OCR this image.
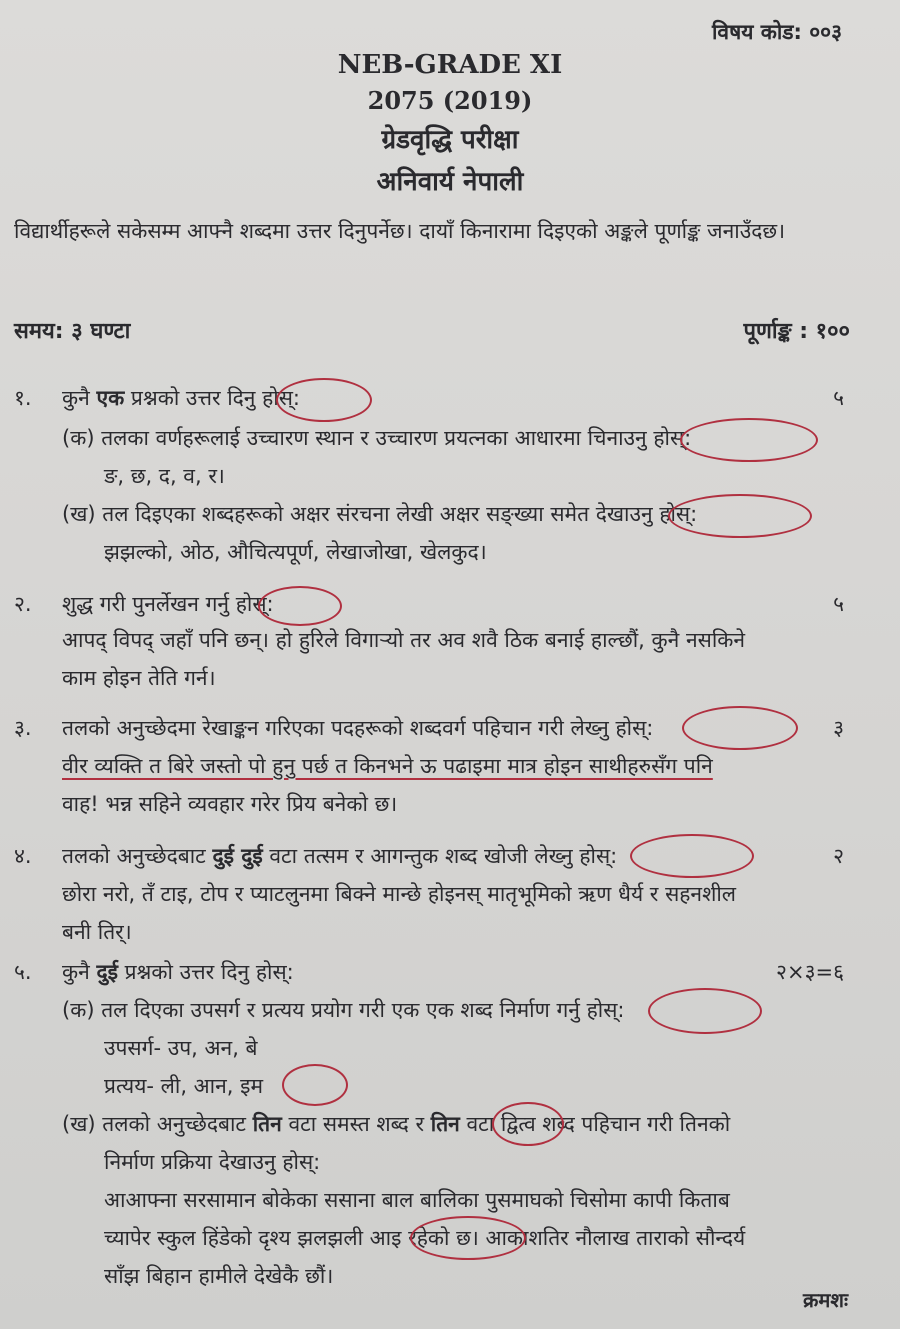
विषय कोड: ००३
NEB-GRADE XI
2075 (2019)
ग्रेडवृद्धि परीक्षा
अनिवार्य नेपाली
विद्यार्थीहरूले सकेसम्म आफ्नै शब्दमा उत्तर दिनुपर्नेछ। दायाँ किनारामा दिइएको अङ्कले पूर्णाङ्क जनाउँदछ।
समय: ३ घण्टा	पूर्णाङ्क : १००
१. कुनै एक प्रश्नको उत्तर दिनु होस्:	५
(क) तलका वर्णहरूलाई उच्चारण स्थान र उच्चारण प्रयत्नका आधारमा चिनाउनु होस्:
ङ, छ, द, व, र।
(ख) तल दिइएका शब्दहरूको अक्षर संरचना लेखी अक्षर सङ्ख्या समेत देखाउनु होस्:
झझल्को, ओठ, औचित्यपूर्ण, लेखाजोखा, खेलकुद।
२. शुद्ध गरी पुनर्लेखन गर्नु होस्:	५
आपद् विपद् जहाँ पनि छन्। हो हुरिले विगाऱ्यो तर अव शवै ठिक बनाई हाल्छौं, कुनै नसकिने
काम होइन तेति गर्न।
३. तलको अनुच्छेदमा रेखाङ्कन गरिएका पदहरूको शब्दवर्ग पहिचान गरी लेख्नु होस्:	३
वीर व्यक्ति त बिरे जस्तो पो हुनु पर्छ त किनभने ऊ पढाइमा मात्र होइन साथीहरुसँग पनि
वाह! भन्न सहिने व्यवहार गरेर प्रिय बनेको छ।
४. तलको अनुच्छेदबाट दुई दुई वटा तत्सम र आगन्तुक शब्द खोजी लेख्नु होस्:	२
छोरा नरो, तँ टाइ, टोप र प्याटलुनमा बिक्ने मान्छे होइनस् मातृभूमिको ऋण धैर्य र सहनशील
बनी तिर्।
५. कुनै दुई प्रश्नको उत्तर दिनु होस्:	२×३=६
(क) तल दिएका उपसर्ग र प्रत्यय प्रयोग गरी एक एक शब्द निर्माण गर्नु होस्:
उपसर्ग- उप, अन, बे
प्रत्यय- ली, आन, इम
(ख) तलको अनुच्छेदबाट तिन वटा समस्त शब्द र तिन वटा द्वित्व शब्द पहिचान गरी तिनको
निर्माण प्रक्रिया देखाउनु होस्:
आआफ्ना सरसामान बोकेका ससाना बाल बालिका पुसमाघको चिसोमा कापी किताब
च्यापेर स्कुल हिंडेको दृश्य झलझली आइ रहेको छ। आकाशतिर नौलाख ताराको सौन्दर्य
साँझ बिहान हामीले देखेकै छौं।
क्रमशः
